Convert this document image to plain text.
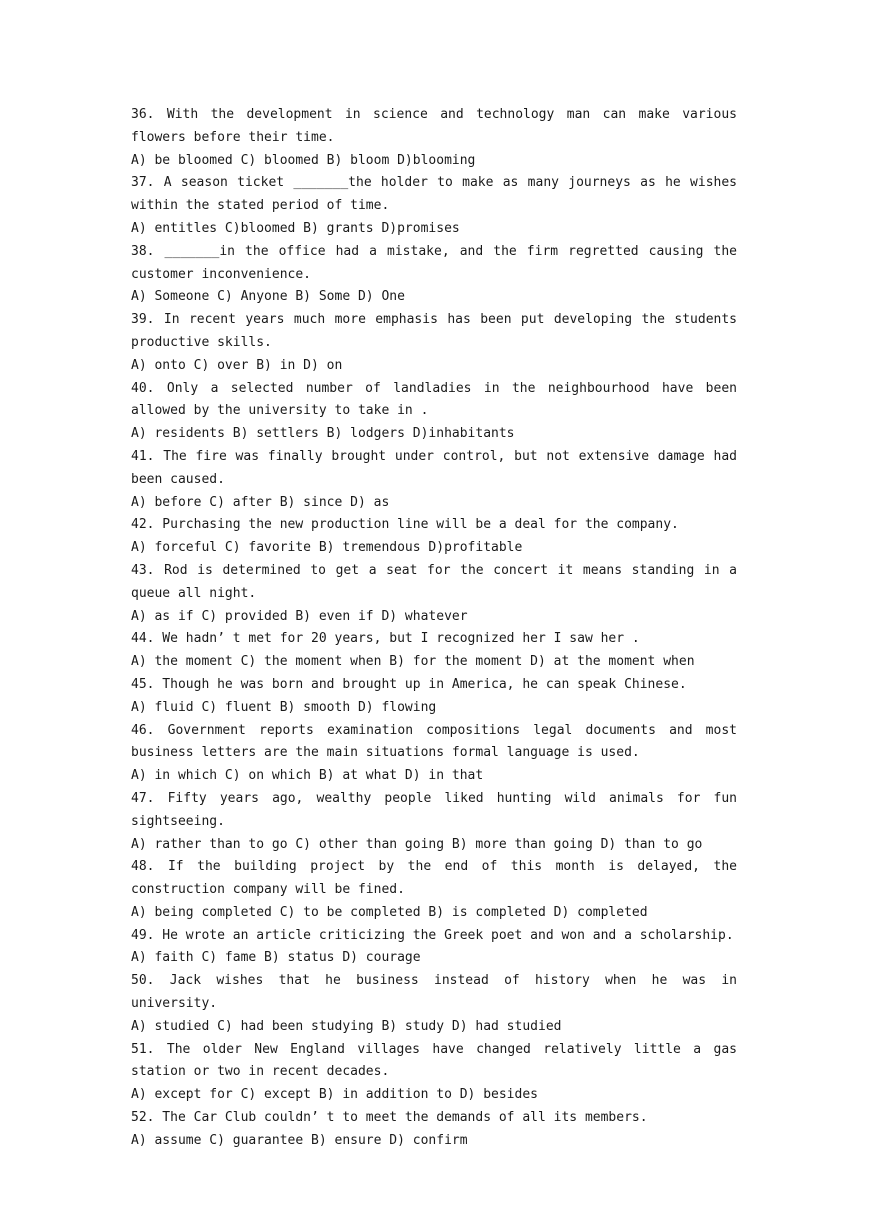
36. With the development in science and technology man can make various flowers before their time.

A) be bloomed C) bloomed B) bloom D)blooming

37. A season ticket _______the holder to make as many journeys as he wishes within the stated period of time.

A) entitles C)bloomed B) grants D)promises

38. _______in the office had a mistake, and the firm regretted causing the customer inconvenience.

A) Someone C) Anyone B) Some D) One

39. In recent years much more emphasis has been put developing the students productive skills.

A) onto C) over B) in D) on

40. Only a selected number of landladies in the neighbourhood have been allowed by the university to take in .

A) residents B) settlers B) lodgers D)inhabitants

41. The fire was finally brought under control, but not extensive damage had been caused.

A) before C) after B) since D) as

42. Purchasing the new production line will be a deal for the company.

A) forceful C) favorite B) tremendous D)profitable

43. Rod is determined to get a seat for the concert it means standing in a queue all night.

A) as if C) provided B) even if D) whatever

44. We hadn’ t met for 20 years, but I recognized her I saw her .

A) the moment C) the moment when B) for the moment D) at the moment when

45. Though he was born and brought up in America, he can speak Chinese.

A) fluid C) fluent B) smooth D) flowing

46. Government reports examination compositions legal documents and most business letters are the main situations formal language is used.

A) in which C) on which B) at what D) in that

47. Fifty years ago, wealthy people liked hunting wild animals for fun sightseeing.

A) rather than to go C) other than going B) more than going D) than to go

48. If the building project by the end of this month is delayed, the construction company will be fined.

A) being completed C) to be completed B) is completed D) completed

49. He wrote an article criticizing the Greek poet and won and a scholarship.

A) faith C) fame B) status D) courage

50. Jack wishes that he business instead of history when he was in university.

A) studied C) had been studying B) study D) had studied

51. The older New England villages have changed relatively little a gas station or two in recent decades.

A) except for C) except B) in addition to D) besides

52. The Car Club couldn’ t to meet the demands of all its members.

A) assume C) guarantee B) ensure D) confirm
